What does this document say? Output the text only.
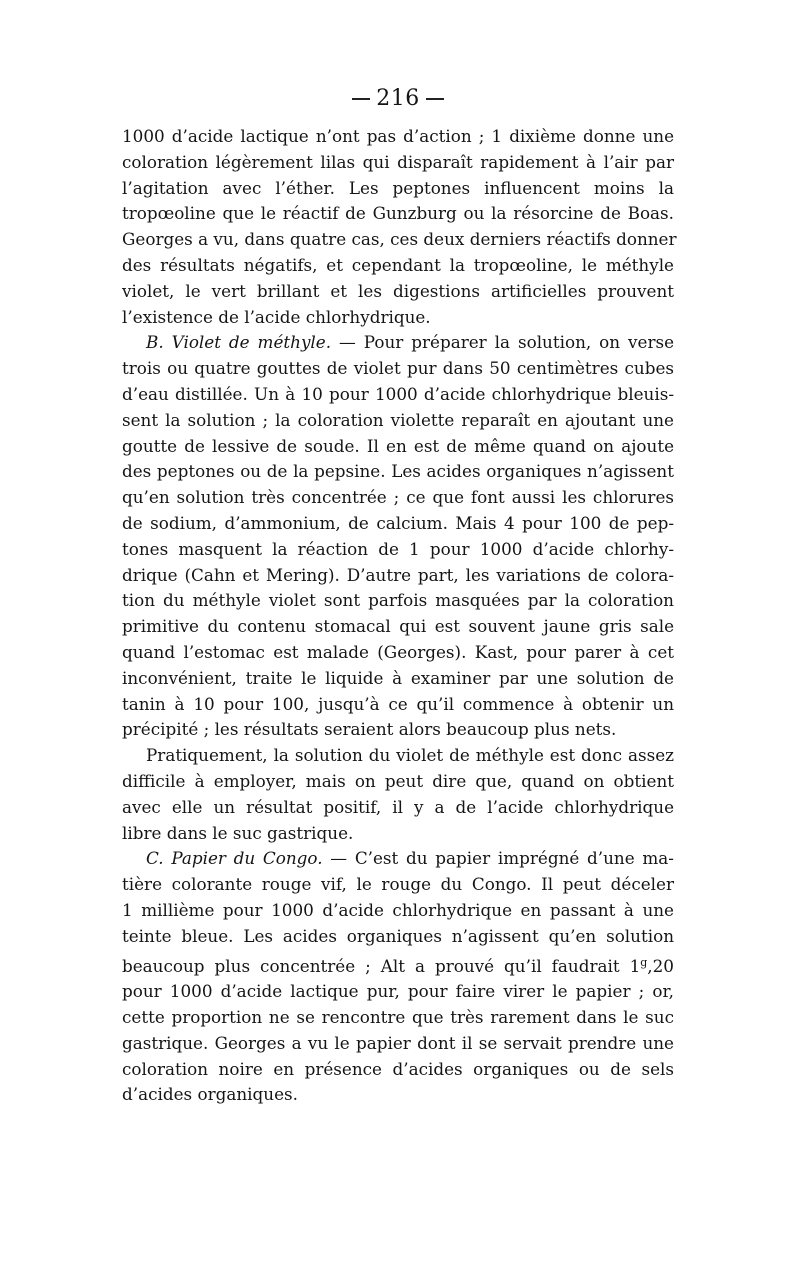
216

1000 d’acide lactique n’ont pas d’action ; 1 dixième donne une
coloration légèrement lilas qui disparaît rapidement à l’air par
l’agitation avec l’éther. Les peptones influencent moins la
tropœoline que le réactif de Gunzburg ou la résorcine de Boas.
Georges a vu, dans quatre cas, ces deux derniers réactifs donner
des résultats négatifs, et cependant la tropœoline, le méthyle
violet, le vert brillant et les digestions artificielles prouvent
l’existence de l’acide chlorhydrique.

B. Violet de méthyle. — Pour préparer la solution, on verse
trois ou quatre gouttes de violet pur dans 50 centimètres cubes
d’eau distillée. Un à 10 pour 1000 d’acide chlorhydrique bleuis-
sent la solution ; la coloration violette reparaît en ajoutant une
goutte de lessive de soude. Il en est de même quand on ajoute
des peptones ou de la pepsine. Les acides organiques n’agissent
qu’en solution très concentrée ; ce que font aussi les chlorures
de sodium, d’ammonium, de calcium. Mais 4 pour 100 de pep-
tones masquent la réaction de 1 pour 1000 d’acide chlorhy-
drique (Cahn et Mering). D’autre part, les variations de colora-
tion du méthyle violet sont parfois masquées par la coloration
primitive du contenu stomacal qui est souvent jaune gris sale
quand l’estomac est malade (Georges). Kast, pour parer à cet
inconvénient, traite le liquide à examiner par une solution de
tanin à 10 pour 100, jusqu’à ce qu’il commence à obtenir un
précipité ; les résultats seraient alors beaucoup plus nets.

Pratiquement, la solution du violet de méthyle est donc assez
difficile à employer, mais on peut dire que, quand on obtient
avec elle un résultat positif, il y a de l’acide chlorhydrique
libre dans le suc gastrique.

C. Papier du Congo. — C’est du papier imprégné d’une ma-
tière colorante rouge vif, le rouge du Congo. Il peut déceler
1 millième pour 1000 d’acide chlorhydrique en passant à une
teinte bleue. Les acides organiques n’agissent qu’en solution
beaucoup plus concentrée ; Alt a prouvé qu’il faudrait 1$^g$,20
pour 1000 d’acide lactique pur, pour faire virer le papier ; or,
cette proportion ne se rencontre que très rarement dans le suc
gastrique. Georges a vu le papier dont il se servait prendre une
coloration noire en présence d’acides organiques ou de sels
d’acides organiques.
